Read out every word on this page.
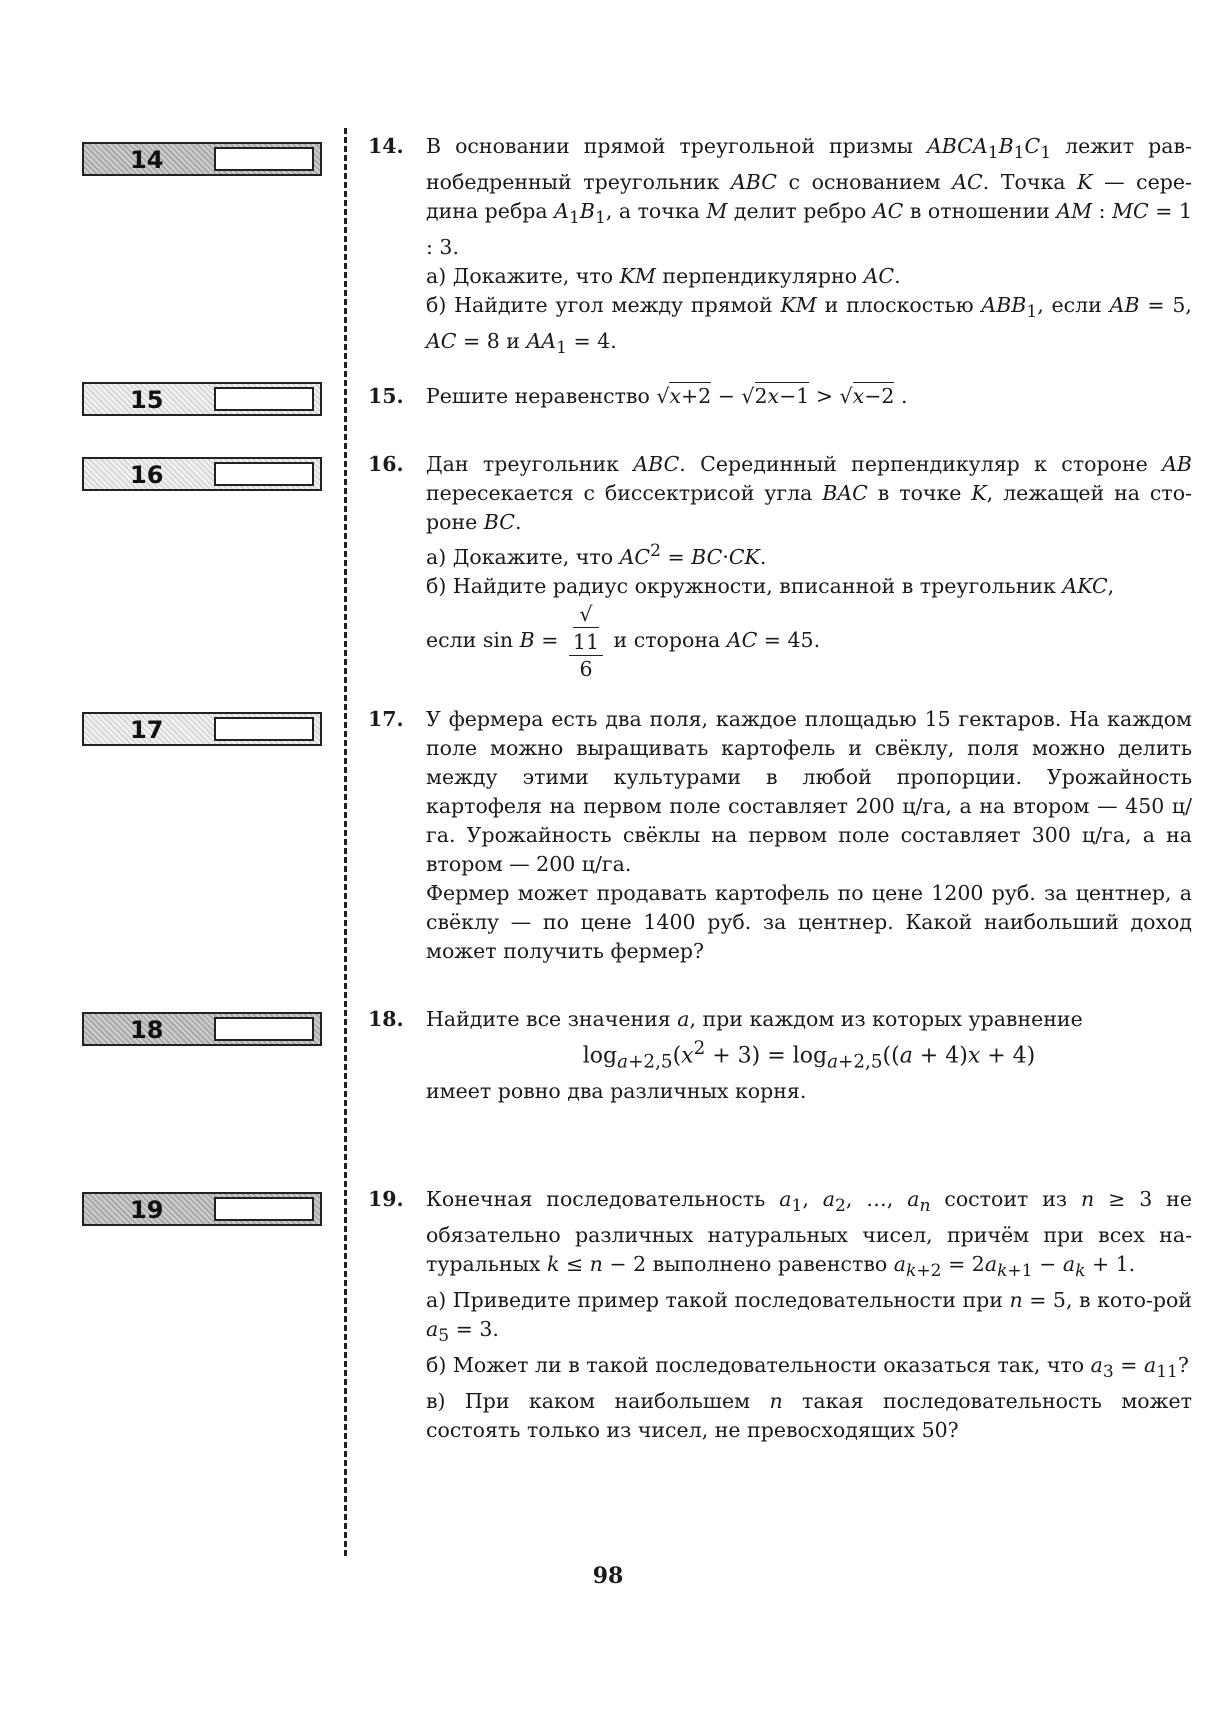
14
15
16
17
18
19
14. В основании прямой треугольной призмы $ABCA_1B_1C_1$ лежит рав- нобедренный треугольник ABC с основанием AC. Точка K — сере- дина ребра $A_1B_1$, а точка M делит ребро AC в отношении AM : MC = 1 : 3.

а) Докажите, что KM перпендикулярно AC.

б) Найдите угол между прямой KM и плоскостью $ABB_1$, если AB = 5, AC = 8 и $AA_1 = 4$.

15. Решите неравенство √x+2 − √2x−1 > √x−2 .

16. Дан треугольник ABC. Серединный перпендикуляр к стороне AB пересекается с биссектрисой угла BAC в точке K, лежащей на сто-роне BC.

а) Докажите, что $AC^2 = BC\cdot CK$.

б) Найдите радиус окружности, вписанной в треугольник AKC,

если sin B = √
11
6 и сторона AC = 45.

17. У фермера есть два поля, каждое площадью 15 гектаров. На каждом поле можно выращивать картофель и свёклу, поля можно делить между этими культурами в любой пропорции. Урожайность картофеля на первом поле составляет 200 ц/га, а на втором — 450 ц/га. Урожайность свёклы на первом поле составляет 300 ц/га, а на втором — 200 ц/га.

Фермер может продавать картофель по цене 1200 руб. за центнер, а свёклу — по цене 1400 руб. за центнер. Какой наибольший доход может получить фермер?

18. Найдите все значения a, при каждом из которых уравнение

$\log_{a+2,5}(x^2 + 3) = \log_{a+2,5}((a + 4)x + 4)$

имеет ровно два различных корня.

19. Конечная последовательность $a_1$, $a_2$, …, $a_n$ состоит из n ≥ 3 не обязательно различных натуральных чисел, причём при всех на-туральных k ≤ n − 2 выполнено равенство $a_{k+2} = 2a_{k+1} - a_k + 1$.

а) Приведите пример такой последовательности при n = 5, в кото-рой $a_5 = 3$.

б) Может ли в такой последовательности оказаться так, что $a_3 = a_{11}$?

в) При каком наибольшем n такая последовательность может состоять только из чисел, не превосходящих 50?

98
